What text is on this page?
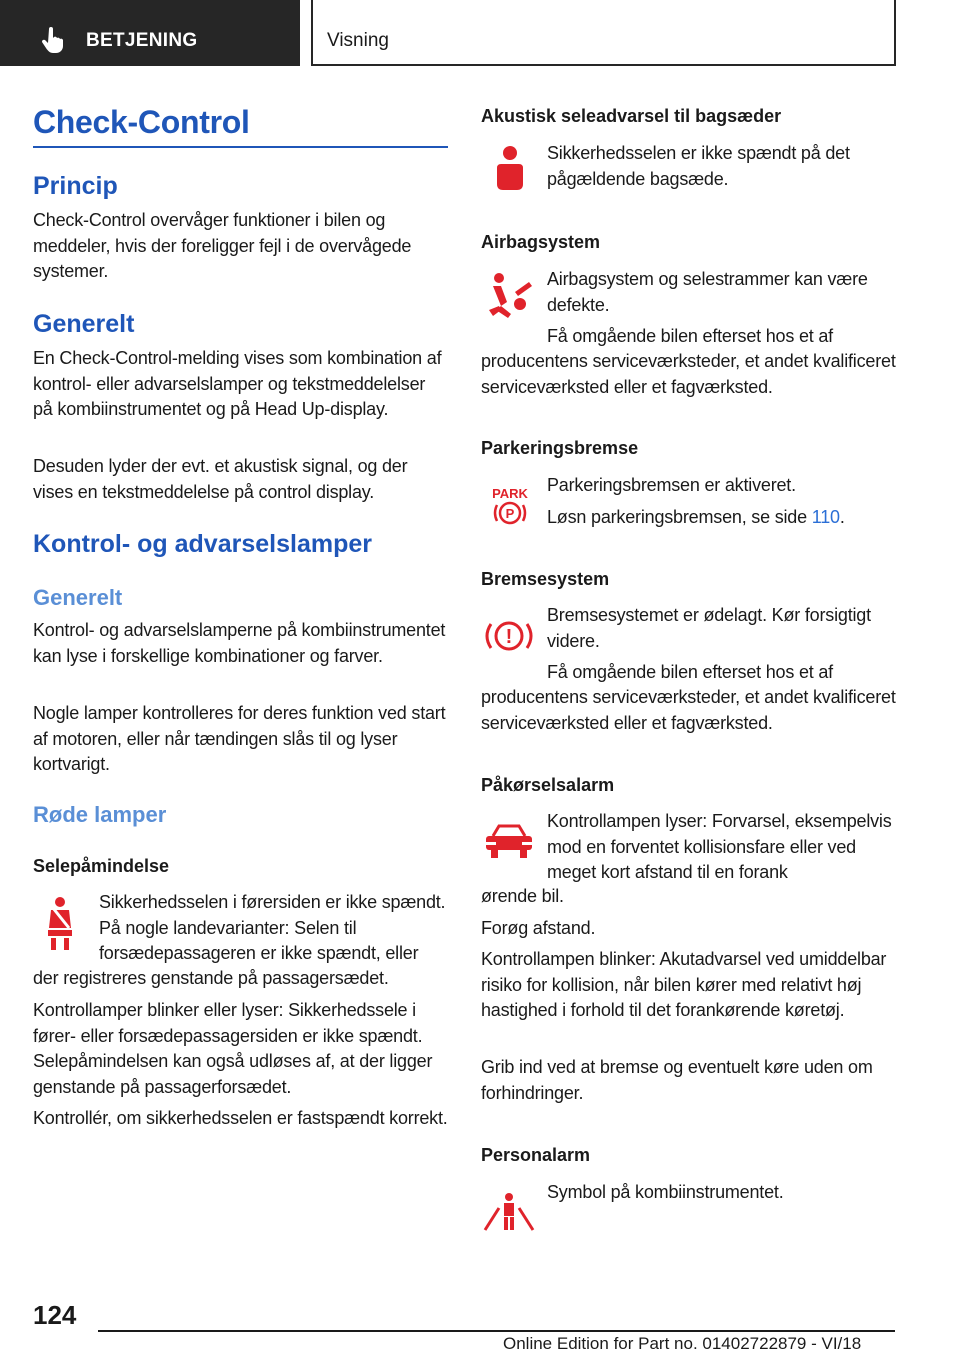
BETJENING	Visning
Check-Control
Princip
Check-Control overvåger funktioner i bilen og meddeler, hvis der foreligger fejl i de overvågede systemer.
Generelt
En Check-Control-melding vises som kombination af kontrol- eller advarselslamper og tekstmeddelelser på kombiinstrumentet og på Head Up-display.
Desuden lyder der evt. et akustisk signal, og der vises en tekstmeddelelse på control display.
Kontrol- og advarselslamper
Generelt
Kontrol- og advarselslamperne på kombiinstrumentet kan lyse i forskellige kombinationer og farver.
Nogle lamper kontrolleres for deres funktion ved start af motoren, eller når tændingen slås til og lyser kortvarigt.
Røde lamper
Selepåmindelse
Sikkerhedsselen i førersiden er ikke spændt. På nogle landevarianter: Selen til forsædepassageren er ikke spændt, eller
der registreres genstande på passagersædet.
Kontrollamper blinker eller lyser: Sikkerhedssele i fører- eller forsædepassagersiden er ikke spændt. Selepåmindelsen kan også udløses af, at der ligger genstande på passagerforsædet.
Kontrollér, om sikkerhedsselen er fastspændt korrekt.
Akustisk seleadvarsel til bagsæder
Sikkerhedsselen er ikke spændt på det pågældende bagsæde.
Airbagsystem
Airbagsystem og selestrammer kan være defekte.
Få omgående bilen efterset hos et af
producentens serviceværksteder, et andet kvalificeret serviceværksted eller et fagværksted.
Parkeringsbremse
PARK
P
Parkeringsbremsen er aktiveret.
Løsn parkeringsbremsen, se side 110.
Bremsesystem
!
Bremsesystemet er ødelagt. Kør forsigtigt videre.
Få omgående bilen efterset hos et af
producentens serviceværksteder, et andet kvalificeret serviceværksted eller et fagværksted.
Påkørselsalarm
Kontrollampen lyser: Forvarsel, eksempelvis mod en forventet kollisionsfare eller ved meget kort afstand til en forank
ørende bil.
Forøg afstand.
Kontrollampen blinker: Akutadvarsel ved umiddelbar risiko for kollision, når bilen kører med relativt høj hastighed i forhold til det forankørende køretøj.
Grib ind ved at bremse og eventuelt køre uden om forhindringer.
Personalarm
Symbol på kombiinstrumentet.
124
Online Edition for Part no. 01402722879 - VI/18
